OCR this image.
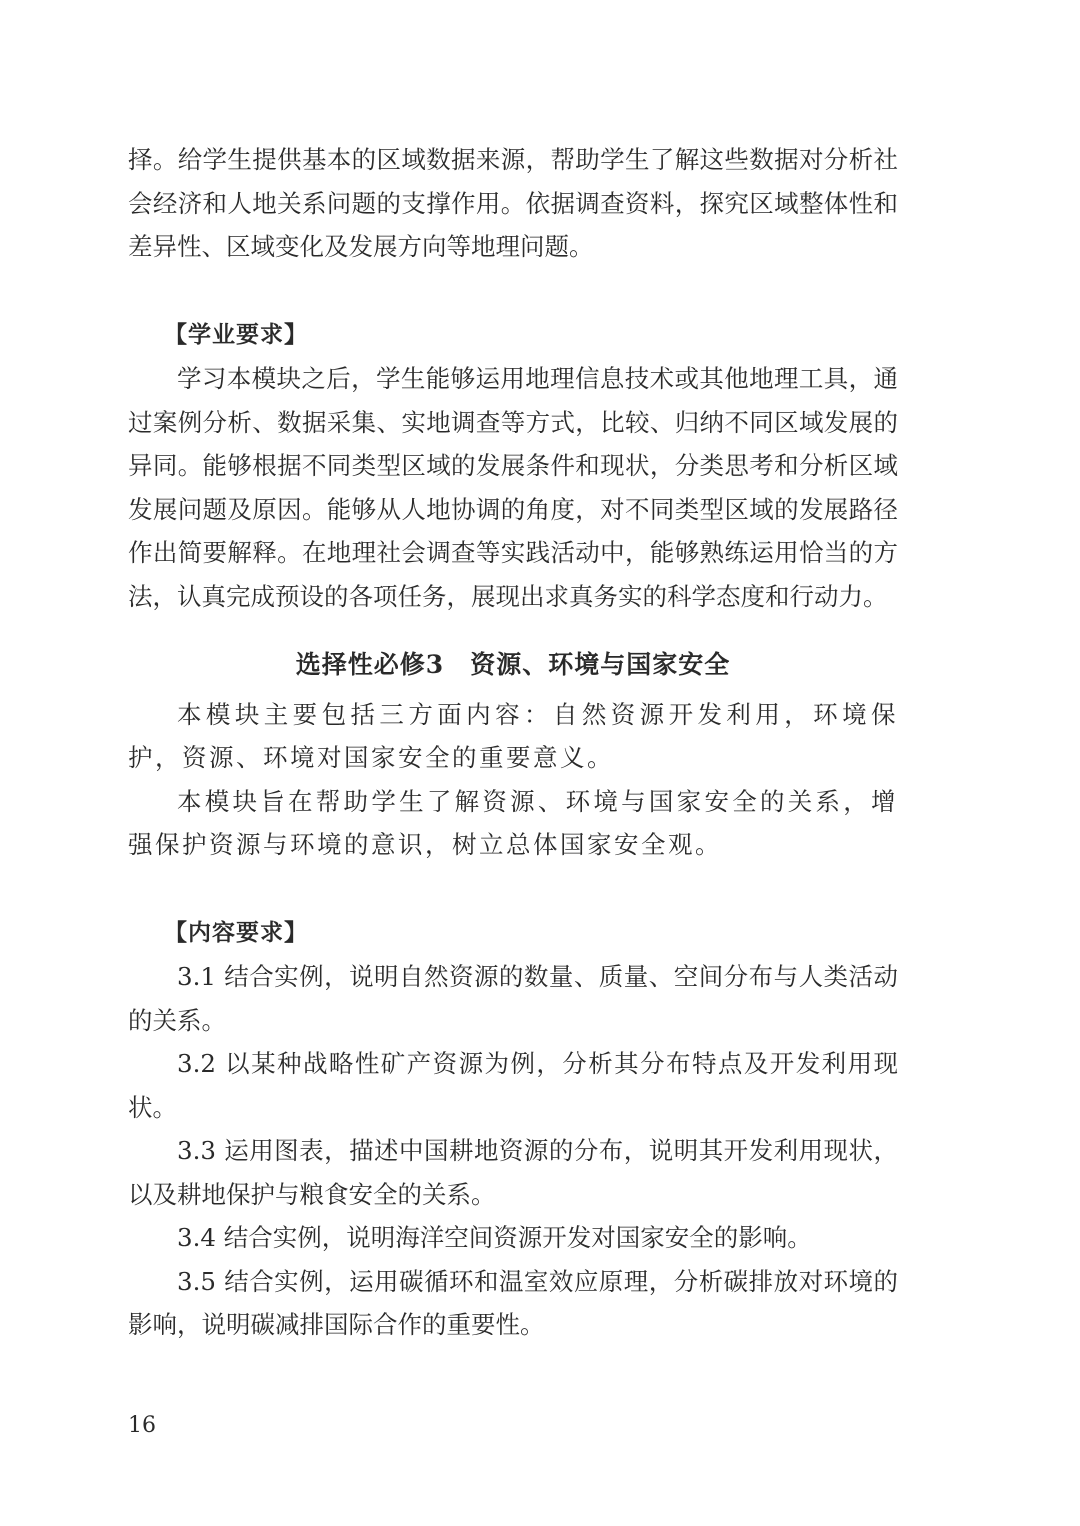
择。给学生提供基本的区域数据来源，帮助学生了解这些数据对分析社会经济和人地关系问题的支撑作用。依据调查资料，探究区域整体性和差异性、区域变化及发展方向等地理问题。

【学业要求】

学习本模块之后，学生能够运用地理信息技术或其他地理工具，通过案例分析、数据采集、实地调查等方式，比较、归纳不同区域发展的异同。能够根据不同类型区域的发展条件和现状，分类思考和分析区域发展问题及原因。能够从人地协调的角度，对不同类型区域的发展路径作出简要解释。在地理社会调查等实践活动中，能够熟练运用恰当的方法，认真完成预设的各项任务，展现出求真务实的科学态度和行动力。

选择性必修3　资源、环境与国家安全

本模块主要包括三方面内容：自然资源开发利用，环境保护，资源、环境对国家安全的重要意义。

本模块旨在帮助学生了解资源、环境与国家安全的关系，增强保护资源与环境的意识，树立总体国家安全观。

【内容要求】

3.1 结合实例，说明自然资源的数量、质量、空间分布与人类活动的关系。

3.2 以某种战略性矿产资源为例，分析其分布特点及开发利用现状。

3.3 运用图表，描述中国耕地资源的分布，说明其开发利用现状，以及耕地保护与粮食安全的关系。

3.4 结合实例，说明海洋空间资源开发对国家安全的影响。

3.5 结合实例，运用碳循环和温室效应原理，分析碳排放对环境的影响，说明碳减排国际合作的重要性。

16
